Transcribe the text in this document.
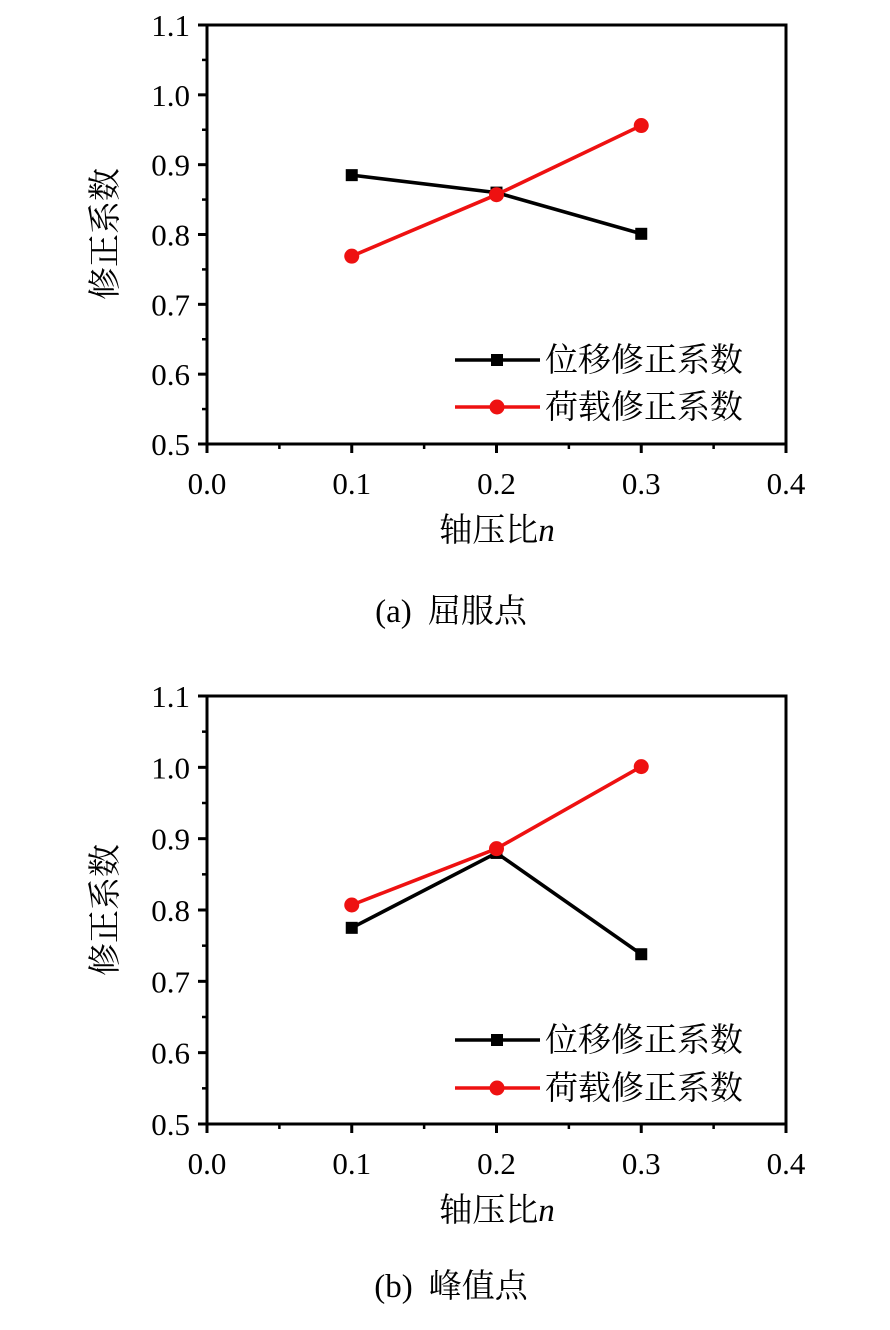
0.0	0.1	0.2	0.3	0.4
0.5
0.6
0.7
0.8
0.9
1.0
1.1
位移修正系数
荷载修正系数
修正系数
轴压比n
(a) 屈服点
0.0	0.1	0.2	0.3	0.4
0.5
0.6
0.7
0.8
0.9
1.0
1.1
位移修正系数
荷载修正系数
修正系数
轴压比n
(b) 峰值点
